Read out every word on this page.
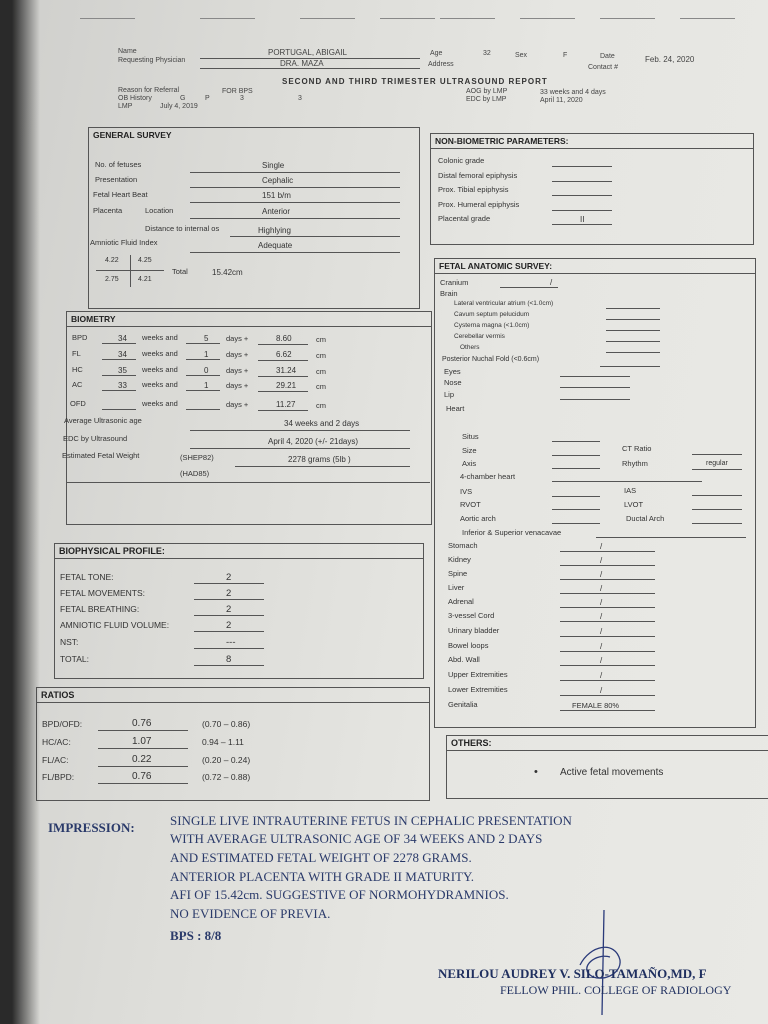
Name	PORTUGAL, ABIGAIL	Age	32	Sex	F	Date	Feb. 24, 2020
Requesting Physician	DRA. MAZA	Address	Contact #
SECOND AND THIRD TRIMESTER ULTRASOUND REPORT
Reason for Referral	FOR BPS
OB History	G	P	3	3
LMP	July 4, 2019
AOG by LMP	33 weeks and 4 days
EDC by LMP	April 11, 2020
GENERAL SURVEY
No. of fetuses	Single
Presentation	Cephalic
Fetal Heart Beat	151 b/m
Placenta	Location	Anterior
Distance to internal os	Highlying
Amniotic Fluid Index	Adequate
4.22	4.25
2.75	4.21
Total	15.42cm
BIOMETRY
BPD	34 weeks and	5 days +	8.60	cm
FL	34 weeks and	1 days +	6.62	cm
HC	35 weeks and	0 days +	31.24	cm
AC	33 weeks and	1 days +	29.21	cm
OFD	weeks and	days +	11.27	cm
Average Ultrasonic age	34 weeks and 2 days
EDC by Ultrasound	April 4, 2020 (+/- 21days)
Estimated Fetal Weight	(SHEP82)	2278 grams (5lb )
(HAD85)
BIOPHYSICAL PROFILE:
FETAL TONE:	2
FETAL MOVEMENTS:	2
FETAL BREATHING:	2
AMNIOTIC FLUID VOLUME:	2
NST:	---
TOTAL:	8
RATIOS
BPD/OFD:	0.76	(0.70 – 0.86)
HC/AC:	1.07	0.94 – 1.11
FL/AC:	0.22	(0.20 – 0.24)
FL/BPD:	0.76	(0.72 – 0.88)
NON-BIOMETRIC PARAMETERS:
Colonic grade
Distal femoral epiphysis
Prox. Tibial epiphysis
Prox. Humeral epiphysis
Placental grade	II
FETAL ANATOMIC SURVEY:
Cranium	/
Brain
Lateral ventricular atrium (<1.0cm)
Cavum septum pelucidum
Cysterna magna (<1.0cm)
Cerebellar vermis
Others
Posterior Nuchal Fold (<0.6cm)
Eyes
Nose
Lip
Heart
Situs
Size
Axis
4-chamber heart
IVS
RVOT
Aortic arch
Inferior & Superior venacavae
CT Ratio
Rhythm	regular
IAS
LVOT
Ductal Arch
Stomach	/
Kidney	/
Spine	/
Liver	/
Adrenal	/
3-vessel Cord	/
Urinary bladder	/
Bowel loops	/
Abd. Wall	/
Upper Extremities	/
Lower Extremities	/
Genitalia	FEMALE 80%
OTHERS:
• Active fetal movements
IMPRESSION:	SINGLE LIVE INTRAUTERINE FETUS IN CEPHALIC PRESENTATION
WITH AVERAGE ULTRASONIC AGE OF 34 WEEKS AND 2 DAYS
AND ESTIMATED FETAL WEIGHT OF 2278 GRAMS.
ANTERIOR PLACENTA WITH GRADE II MATURITY.
AFI OF 15.42cm. SUGGESTIVE OF NORMOHYDRAMNIOS.
NO EVIDENCE OF PREVIA.
BPS : 8/8
NERILOU AUDREY V. SILO-TAMAÑO,MD, F
FELLOW PHIL. COLLEGE OF RADIOLOGY
